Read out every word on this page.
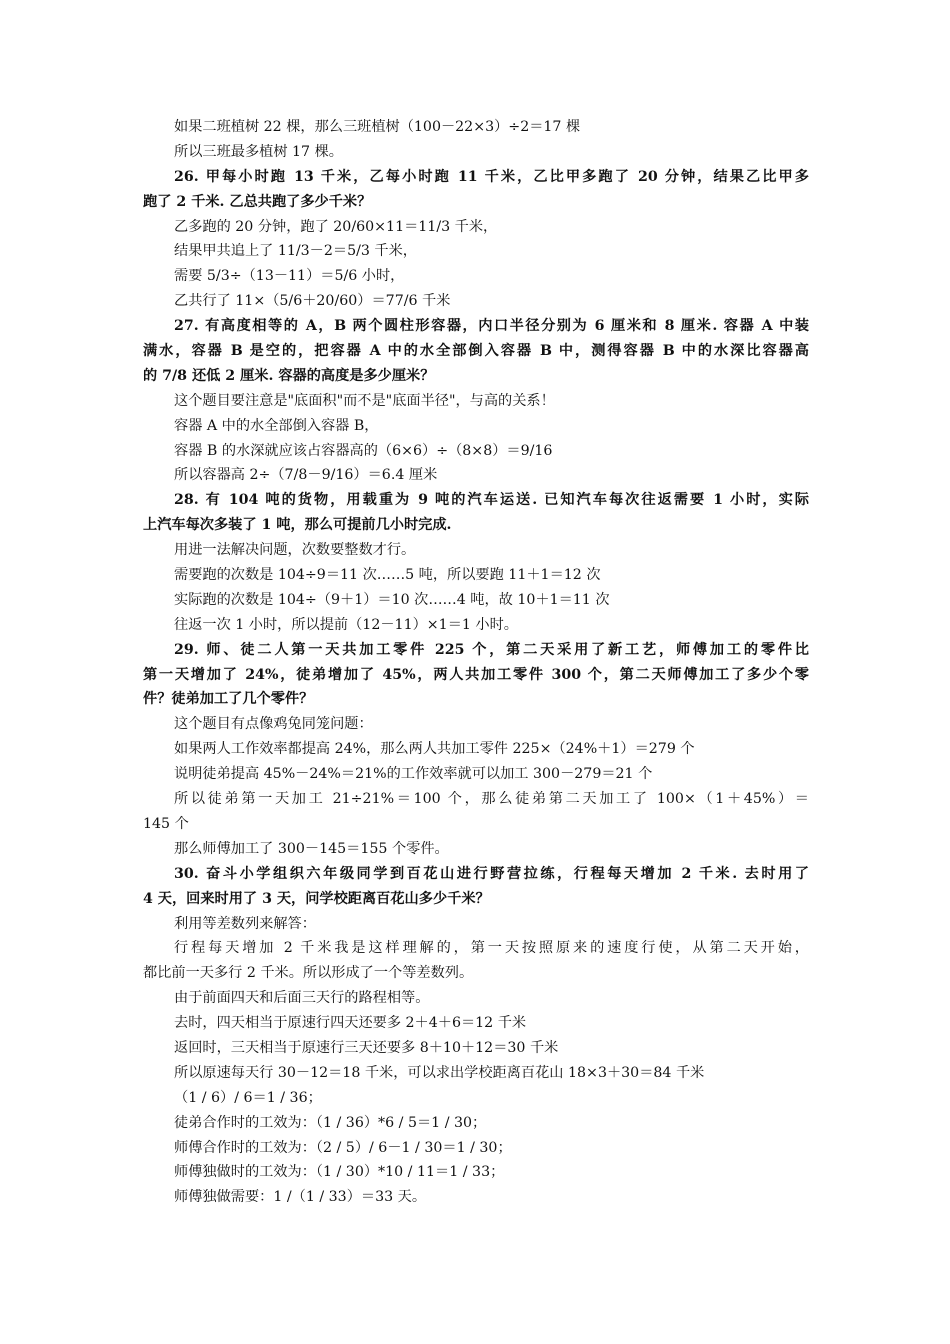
如果二班植树 22 棵，那么三班植树（100－22×3）÷2＝17 棵
所以三班最多植树 17 棵。
26. 甲每小时跑 13 千米，乙每小时跑 11 千米，乙比甲多跑了 20 分钟，结果乙比甲多
跑了 2 千米. 乙总共跑了多少千米？
乙多跑的 20 分钟，跑了 20/60×11＝11/3 千米，
结果甲共追上了 11/3－2＝5/3 千米，
需要 5/3÷（13－11）＝5/6 小时，
乙共行了 11×（5/6＋20/60）＝77/6 千米
27. 有高度相等的 A，B 两个圆柱形容器，内口半径分别为 6 厘米和 8 厘米. 容器 A 中装
满水，容器 B 是空的，把容器 A 中的水全部倒入容器 B 中，测得容器 B 中的水深比容器高
的 7/8 还低 2 厘米. 容器的高度是多少厘米？
这个题目要注意是"底面积"而不是"底面半径"，与高的关系！
容器 A 中的水全部倒入容器 B，
容器 B 的水深就应该占容器高的（6×6）÷（8×8）＝9/16
所以容器高 2÷（7/8－9/16）＝6.4 厘米
28. 有 104 吨的货物，用载重为 9 吨的汽车运送. 已知汽车每次往返需要 1 小时，实际
上汽车每次多装了 1 吨，那么可提前几小时完成.
用进一法解决问题，次数要整数才行。
需要跑的次数是 104÷9＝11 次……5 吨，所以要跑 11＋1＝12 次
实际跑的次数是 104÷（9＋1）＝10 次……4 吨，故 10＋1＝11 次
往返一次 1 小时，所以提前（12－11）×1＝1 小时。
29. 师、徒二人第一天共加工零件 225 个，第二天采用了新工艺，师傅加工的零件比
第一天增加了 24%，徒弟增加了 45%，两人共加工零件 300 个，第二天师傅加工了多少个零
件？徒弟加工了几个零件？
这个题目有点像鸡兔同笼问题：
如果两人工作效率都提高 24%，那么两人共加工零件 225×（24%＋1）＝279 个
说明徒弟提高 45%－24%＝21%的工作效率就可以加工 300－279＝21 个
所以徒弟第一天加工 21÷21%＝100 个，那么徒弟第二天加工了 100×（1＋45%）＝
145 个
那么师傅加工了 300－145＝155 个零件。
30. 奋斗小学组织六年级同学到百花山进行野营拉练，行程每天增加 2 千米. 去时用了
4 天，回来时用了 3 天，问学校距离百花山多少千米？
利用等差数列来解答：
行程每天增加 2 千米我是这样理解的，第一天按照原来的速度行使，从第二天开始，
都比前一天多行 2 千米。所以形成了一个等差数列。
由于前面四天和后面三天行的路程相等。
去时，四天相当于原速行四天还要多 2＋4＋6＝12 千米
返回时，三天相当于原速行三天还要多 8＋10＋12＝30 千米
所以原速每天行 30－12＝18 千米，可以求出学校距离百花山 18×3＋30＝84 千米
（1 / 6）/ 6＝1 / 36；
徒弟合作时的工效为：（1 / 36）*6 / 5＝1 / 30；
师傅合作时的工效为：（2 / 5）/ 6－1 / 30＝1 / 30；
师傅独做时的工效为：（1 / 30）*10 / 11＝1 / 33；
师傅独做需要：1 /（1 / 33）＝33 天。
